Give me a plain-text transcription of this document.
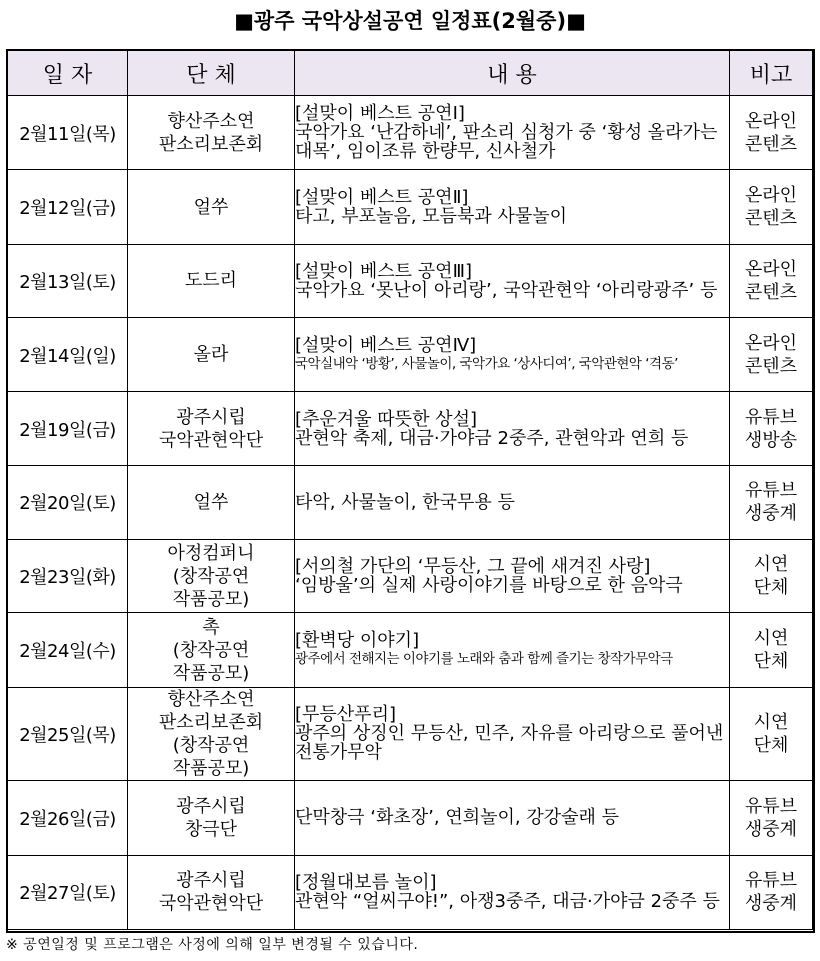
■광주 국악상설공연 일정표(2월중)■
일 자	단 체	내 용	비고
2월11일(목)	향산주소연
판소리보존회	[설맞이 베스트 공연Ⅰ]
국악가요 ‘난감하네’, 판소리 심청가 중 ‘황성 올라가는
대목’, 임이조류 한량무, 신사철가	온라인
콘텐츠

2월12일(금)	얼쑤	[설맞이 베스트 공연Ⅱ]
타고, 부포놀음, 모듬북과 사물놀이	온라인
콘텐츠

2월13일(토)	도드리	[설맞이 베스트 공연Ⅲ]
국악가요 ‘못난이 아리랑’, 국악관현악 ‘아리랑광주’ 등	온라인
콘텐츠

2월14일(일)	올라	[설맞이 베스트 공연Ⅳ]
국악실내악 ‘방황’, 사물놀이, 국악가요 ‘상사디여’, 국악관현악 ‘격동’	온라인
콘텐츠

2월19일(금)	광주시립
국악관현악단	[추운겨울 따뜻한 상설]
관현악 축제, 대금·가야금 2중주, 관현악과 연희 등	유튜브
생방송

2월20일(토)	얼쑤	타악, 사물놀이, 한국무용 등	유튜브
생중계

2월23일(화)	아정컴퍼니
(창작공연
작품공모)	[서의철 가단의 ‘무등산, 그 끝에 새겨진 사랑]
‘임방울’의 실제 사랑이야기를 바탕으로 한 음악극	시연
단체

2월24일(수)	촉
(창작공연
작품공모)	[환벽당 이야기]
광주에서 전해지는 이야기를 노래와 춤과 함께 즐기는 창작가무악극	시연
단체

2월25일(목)	향산주소연
판소리보존회
(창작공연
작품공모)	[무등산푸리]
광주의 상징인 무등산, 민주, 자유를 아리랑으로 풀어낸
전통가무악	시연
단체

2월26일(금)	광주시립
창극단	단막창극 ‘화초장’, 연희놀이, 강강술래 등	유튜브
생중계

2월27일(토)	광주시립
국악관현악단	[정월대보름 놀이]
관현악 “얼씨구야!”, 아쟁3중주, 대금·가야금 2중주 등	유튜브
생중계
※ 공연일정 및 프로그램은 사정에 의해 일부 변경될 수 있습니다.
